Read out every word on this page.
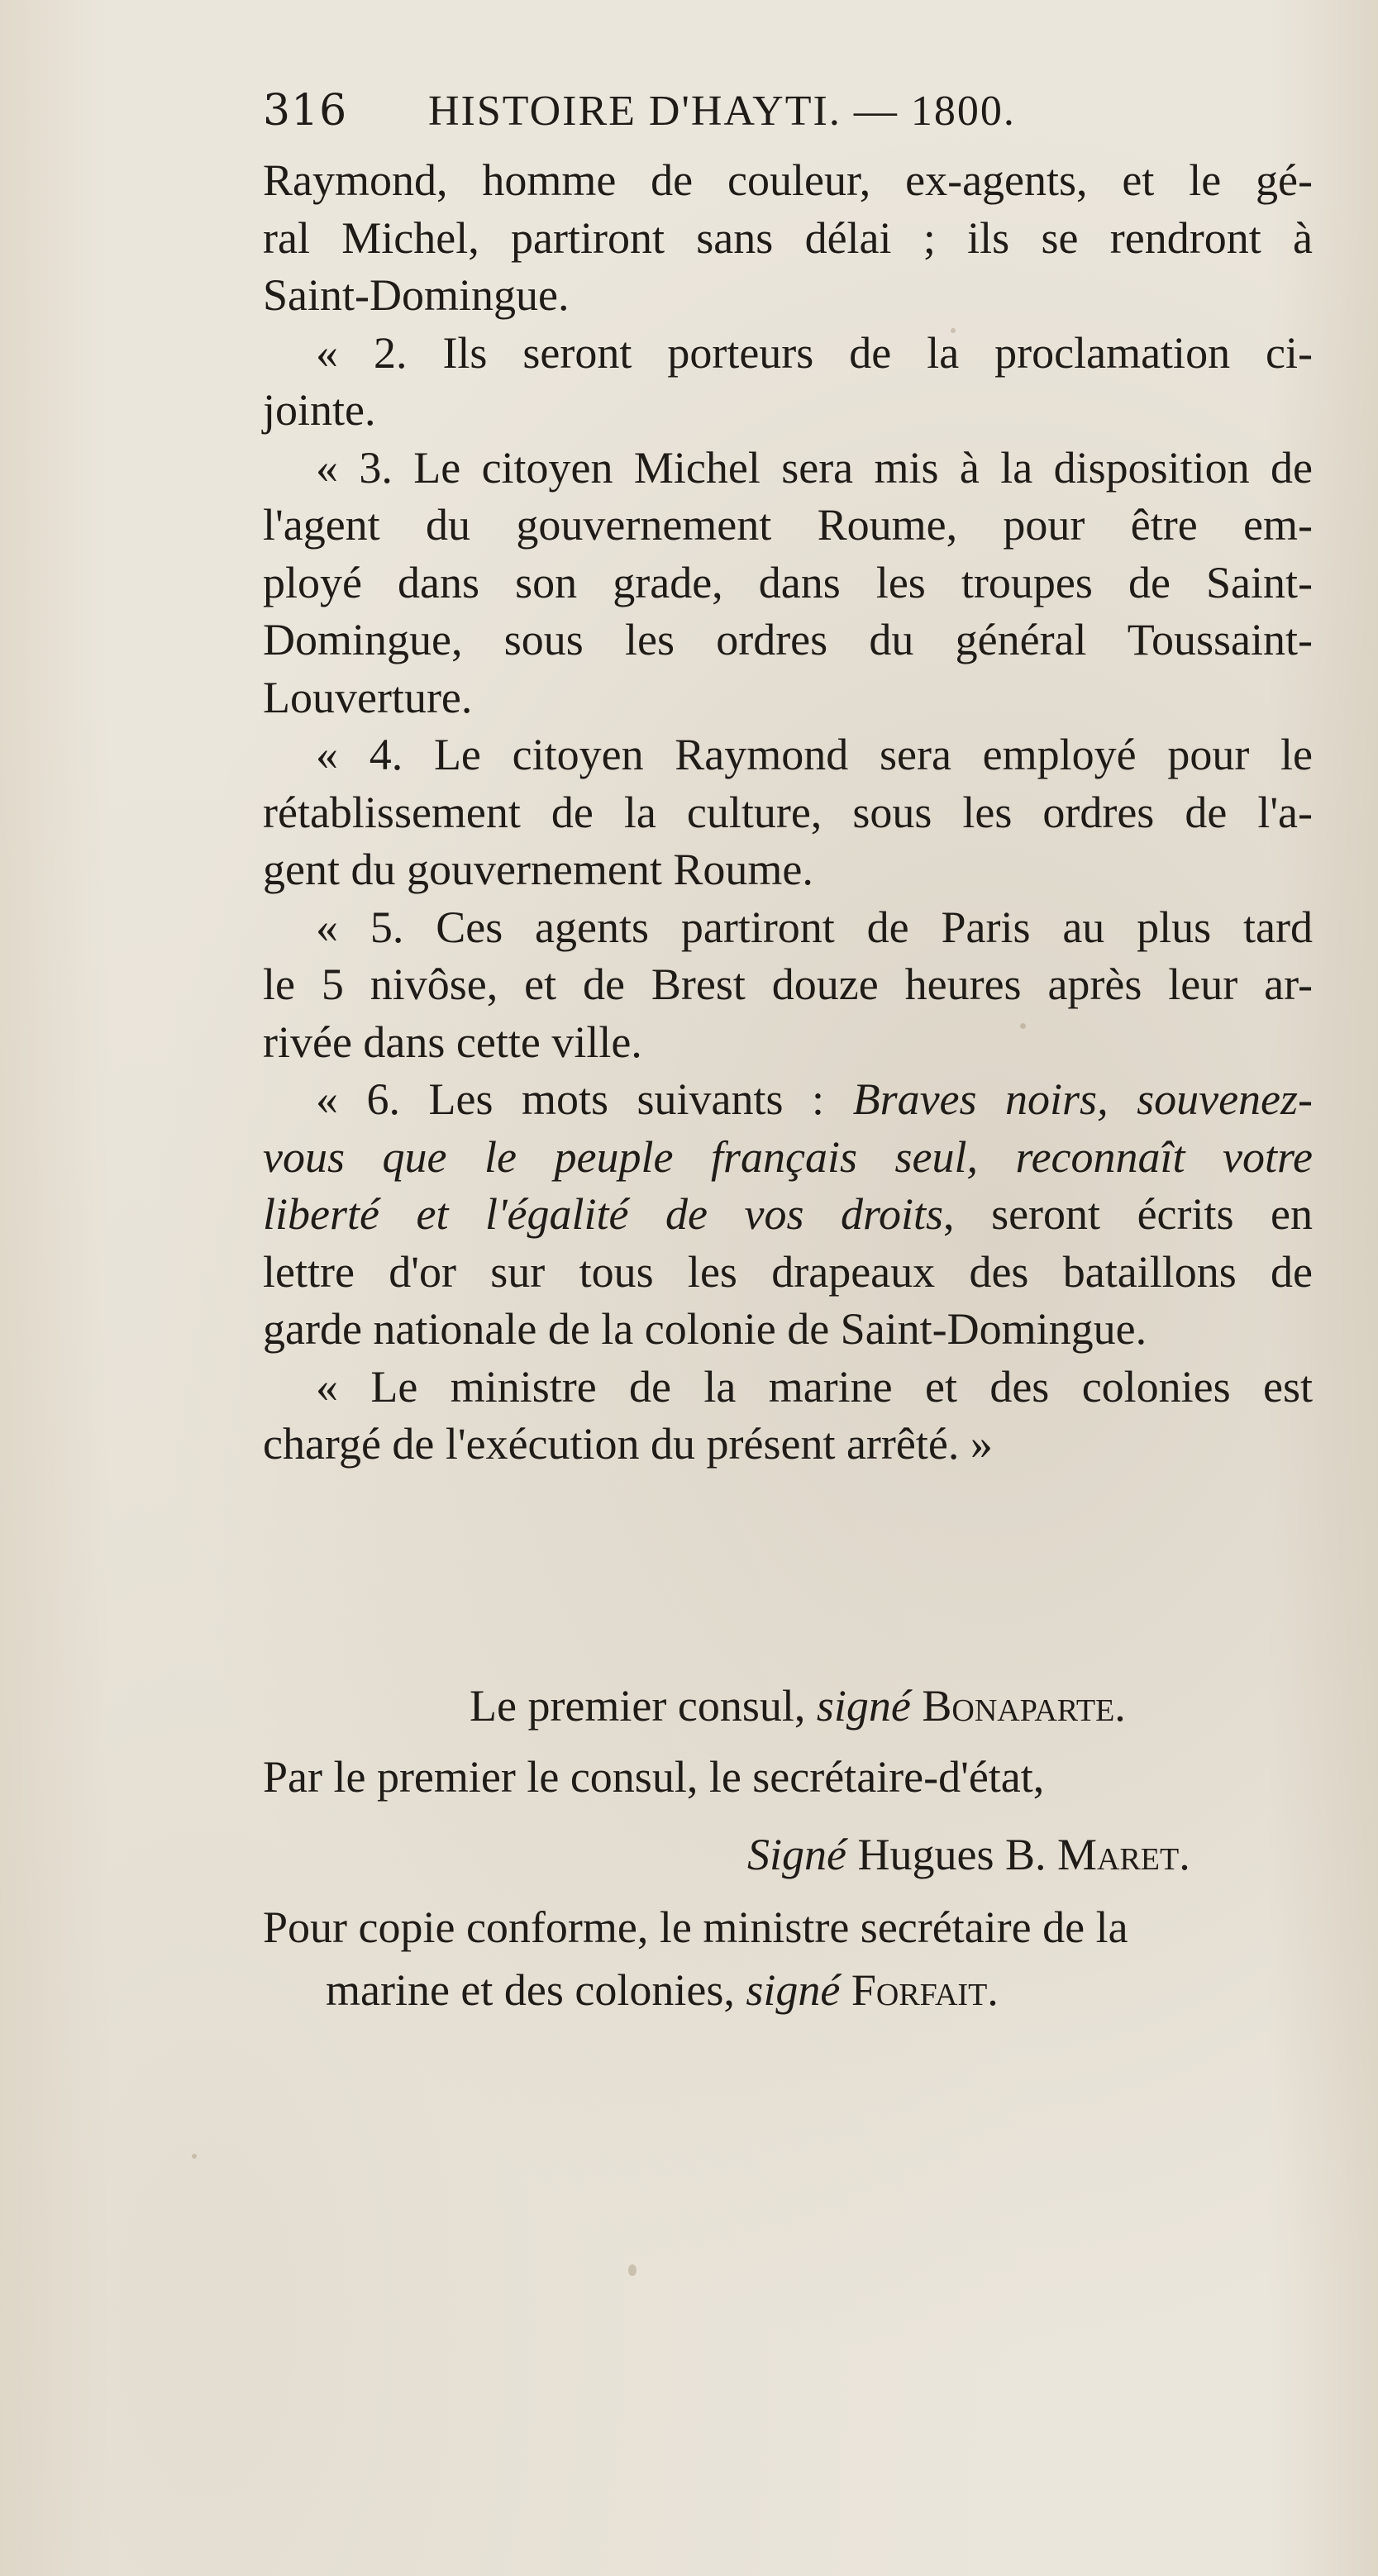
316	HISTOIRE D'HAYTI. — 1800.
Raymond, homme de couleur, ex-agents, et le gé-
ral Michel, partiront sans délai ; ils se rendront à
Saint-Domingue.
« 2. Ils seront porteurs de la proclamation ci-
jointe.
« 3. Le citoyen Michel sera mis à la disposition de
l'agent du gouvernement Roume, pour être em-
ployé dans son grade, dans les troupes de Saint-
Domingue, sous les ordres du général Toussaint-
Louverture.
« 4. Le citoyen Raymond sera employé pour le
rétablissement de la culture, sous les ordres de l'a-
gent du gouvernement Roume.
« 5. Ces agents partiront de Paris au plus tard
le 5 nivôse, et de Brest douze heures après leur ar-
rivée dans cette ville.
« 6. Les mots suivants : Braves noirs, souvenez-
vous que le peuple français seul, reconnaît votre
liberté et l'égalité de vos droits, seront écrits en
lettre d'or sur tous les drapeaux des bataillons de
garde nationale de la colonie de Saint-Domingue.
« Le ministre de la marine et des colonies est
chargé de l'exécution du présent arrêté. »
Le premier consul, signé Bonaparte.
Par le premier le consul, le secrétaire-d'état,
Signé Hugues B. Maret.
Pour copie conforme, le ministre secrétaire de la
marine et des colonies, signé Forfait.
